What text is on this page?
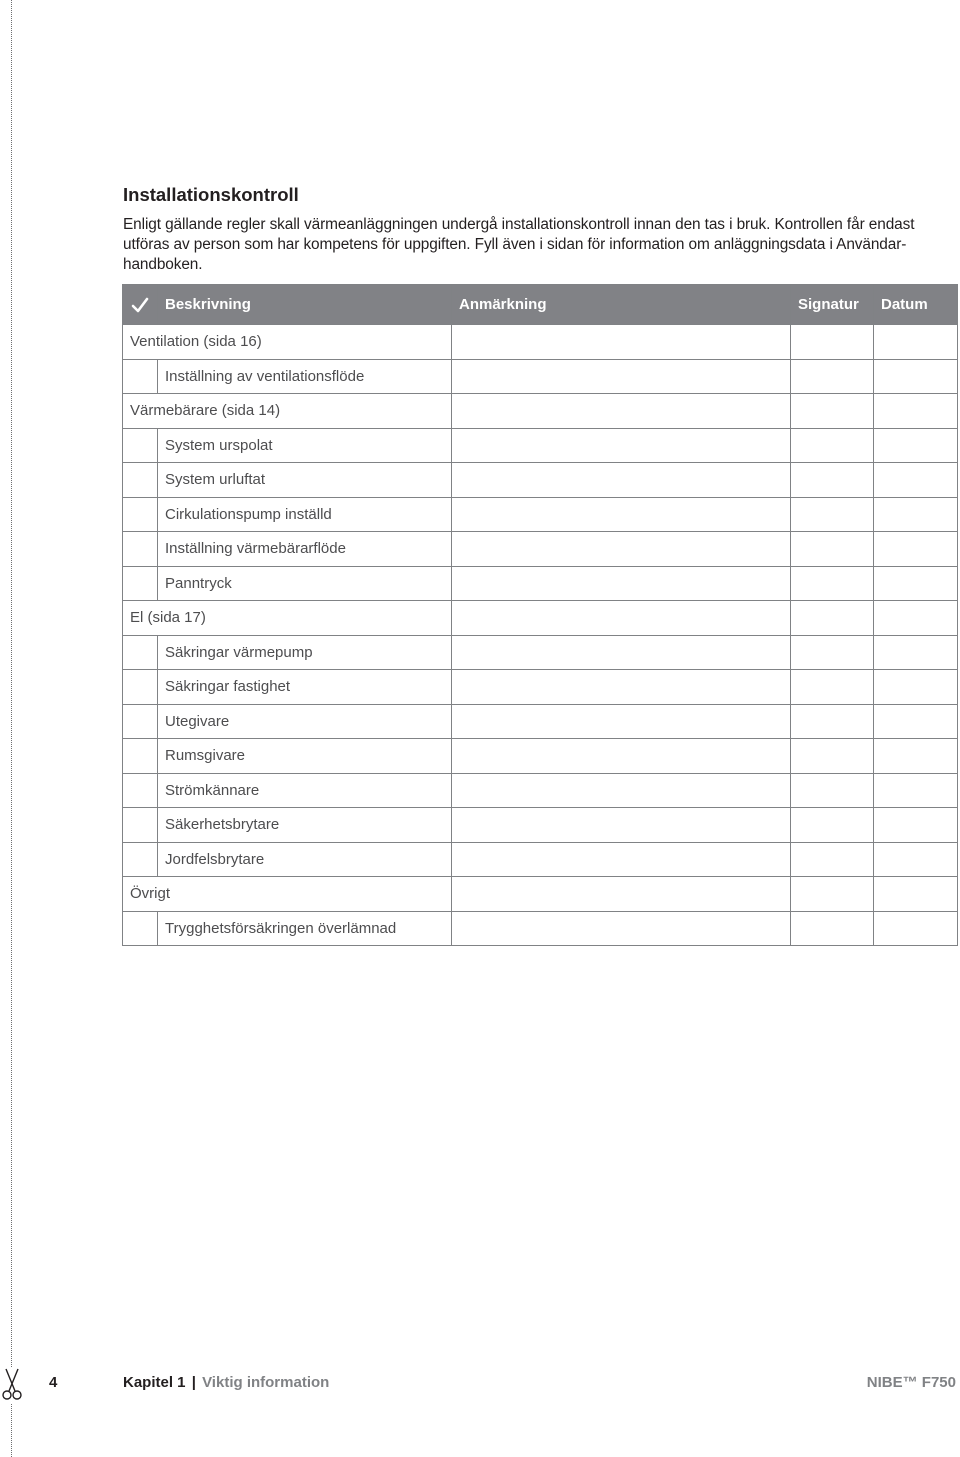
Installationskontroll

Enligt gällande regler skall värmeanläggningen undergå installationskontroll innan den tas i bruk. Kontrollen får endast utföras av person som har kompetens för uppgiften. Fyll även i sidan för information om anläggningsdata i Användar-handboken.

	Beskrivning	Anmärkning	Signatur	Datum
Ventilation (sida 16)				
	Inställning av ventilationsflöde			
Värmebärare (sida 14)				
	System urspolat			
	System urluftat			
	Cirkulationspump inställd			
	Inställning värmebärarflöde			
	Panntryck			
El (sida 17)				
	Säkringar värmepump			
	Säkringar fastighet			
	Utegivare			
	Rumsgivare			
	Strömkännare			
	Säkerhetsbrytare			
	Jordfelsbrytare			
Övrigt				
	Trygghetsförsäkringen överlämnad			
4	Kapitel 1 | Viktig information	NIBE™ F750
